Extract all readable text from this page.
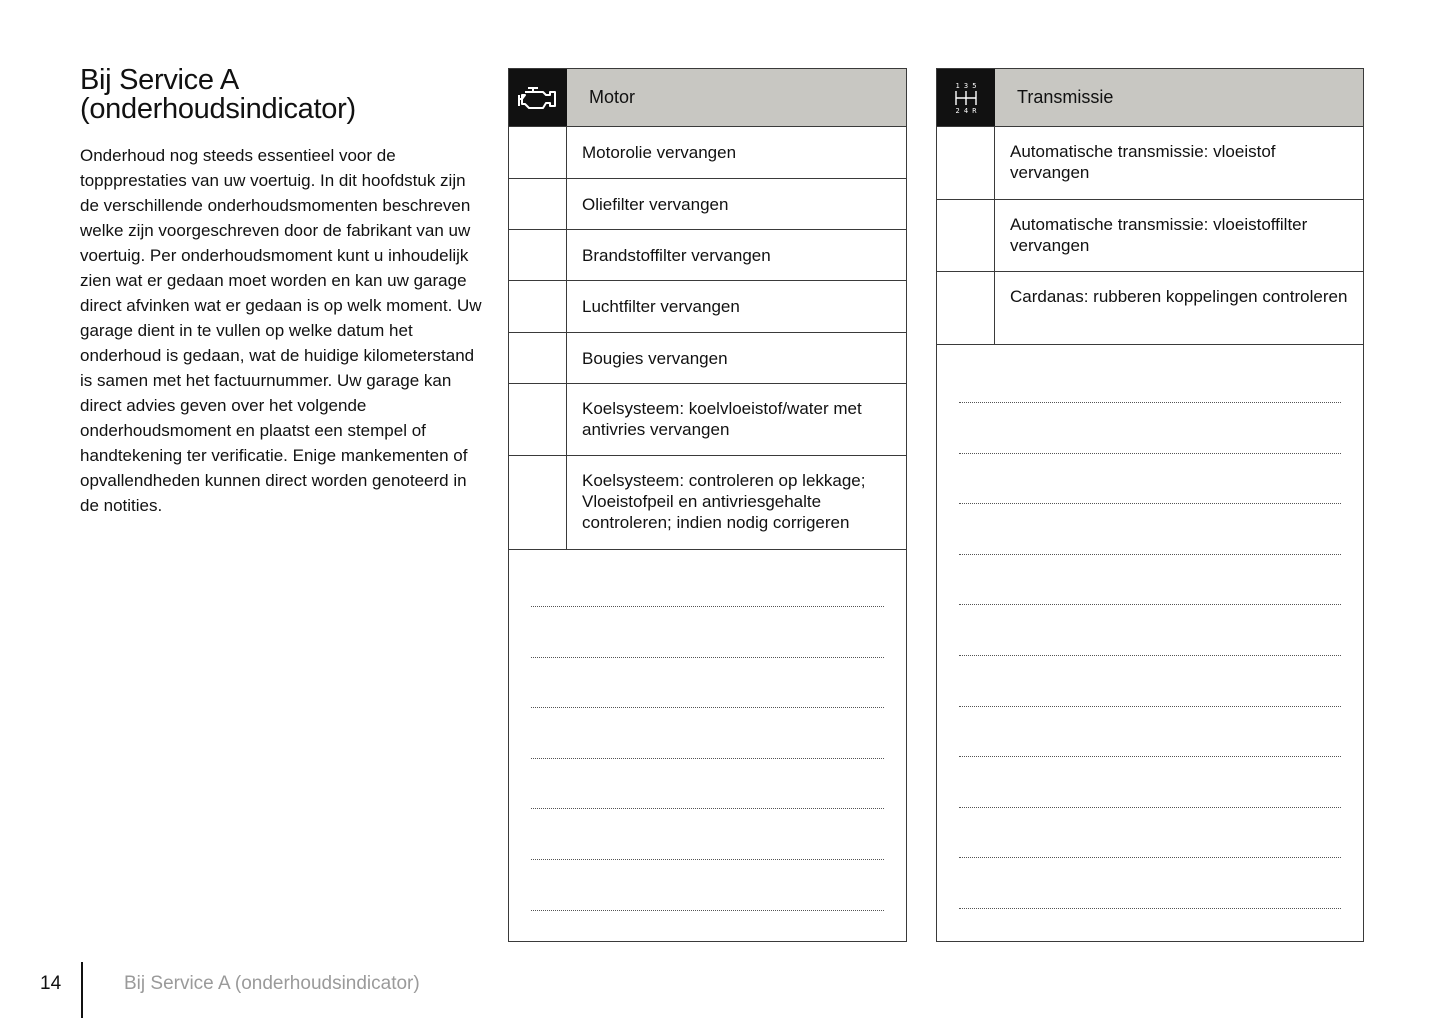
Bij Service A (onderhoudsindicator)
Onderhoud nog steeds essentieel voor de toppprestaties van uw voertuig. In dit hoofdstuk zijn de verschillende onderhoudsmomenten beschreven welke zijn voorgeschreven door de fabrikant van uw voertuig. Per onderhoudsmoment kunt u inhoudelijk zien wat er gedaan moet worden en kan uw garage direct afvinken wat er gedaan is op welk moment. Uw garage dient in te vullen op welke datum het onderhoud is gedaan, wat de huidige kilometerstand is samen met het factuurnummer. Uw garage kan direct advies geven over het volgende onderhoudsmoment en plaatst een stempel of handtekening ter verificatie. Enige mankementen of opvallendheden kunnen direct worden genoteerd in de notities.
Motor
Motorolie vervangen
Oliefilter vervangen
Brandstoffilter vervangen
Luchtfilter vervangen
Bougies vervangen
Koelsysteem: koelvloeistof/water met antivries vervangen
Koelsysteem: controleren op lekkage; Vloeistofpeil en antivriesgehalte controleren; indien nodig corrigeren
1 3 5
2 4 R
Transmissie
Automatische transmissie: vloeistof vervangen
Automatische transmissie: vloeistoffilter vervangen
Cardanas: rubberen koppelingen controleren
14	Bij Service A (onderhoudsindicator)
